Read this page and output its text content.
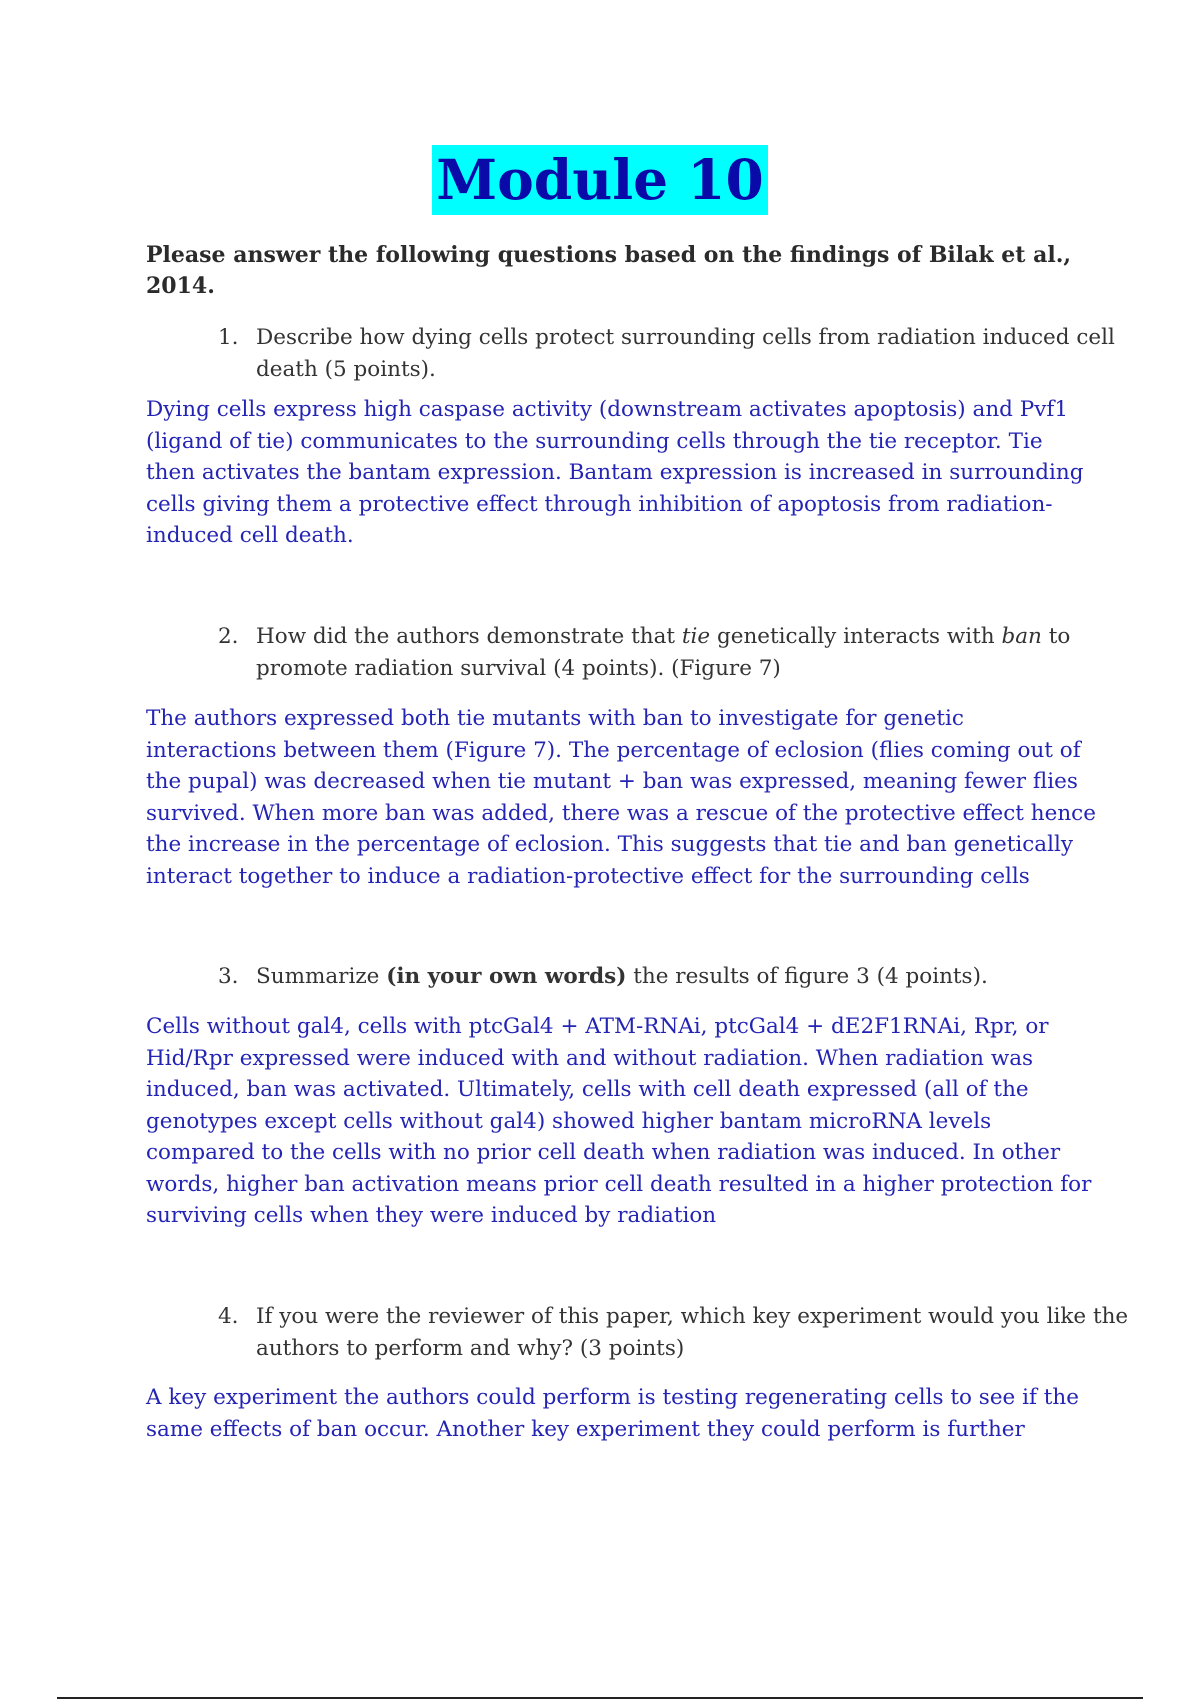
Module 10

Please answer the following questions based on the findings of Bilak et al., 2014.

1. Describe how dying cells protect surrounding cells from radiation induced cell death (5 points).

Dying cells express high caspase activity (downstream activates apoptosis) and Pvf1 (ligand of tie) communicates to the surrounding cells through the tie receptor. Tie then activates the bantam expression. Bantam expression is increased in surrounding cells giving them a protective effect through inhibition of apoptosis from radiation-induced cell death.

2. How did the authors demonstrate that tie genetically interacts with ban to promote radiation survival (4 points). (Figure 7)

The authors expressed both tie mutants with ban to investigate for genetic interactions between them (Figure 7). The percentage of eclosion (flies coming out of the pupal) was decreased when tie mutant + ban was expressed, meaning fewer flies survived. When more ban was added, there was a rescue of the protective effect hence the increase in the percentage of eclosion. This suggests that tie and ban genetically interact together to induce a radiation-protective effect for the surrounding cells

3. Summarize (in your own words) the results of figure 3 (4 points).

Cells without gal4, cells with ptcGal4 + ATM-RNAi, ptcGal4 + dE2F1RNAi, Rpr, or Hid/Rpr expressed were induced with and without radiation. When radiation was induced, ban was activated. Ultimately, cells with cell death expressed (all of the genotypes except cells without gal4) showed higher bantam microRNA levels compared to the cells with no prior cell death when radiation was induced. In other words, higher ban activation means prior cell death resulted in a higher protection for surviving cells when they were induced by radiation

4. If you were the reviewer of this paper, which key experiment would you like the authors to perform and why? (3 points)

A key experiment the authors could perform is testing regenerating cells to see if the same effects of ban occur. Another key experiment they could perform is further
